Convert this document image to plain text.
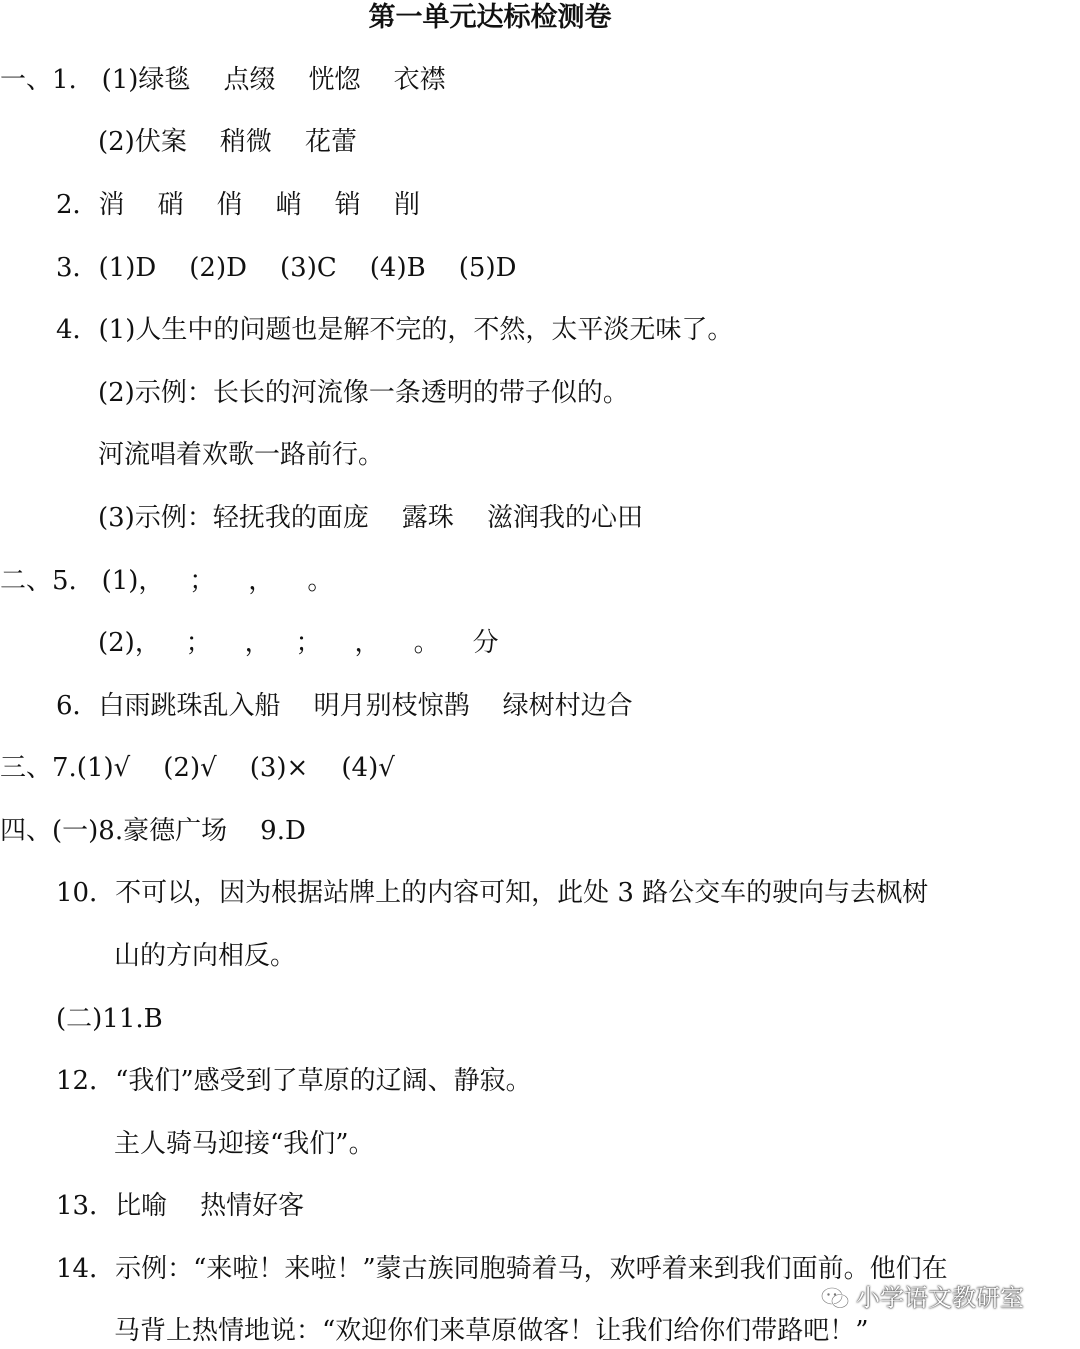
第一单元达标检测卷
一、1.   (1)绿毯    点缀    恍惚    衣襟
(2)伏案    稍微    花蕾
2．消    硝    俏    峭    销    削
3．(1)D    (2)D    (3)C    (4)B    (5)D
4．(1)人生中的问题也是解不完的，不然，太平淡无味了。
(2)示例：长长的河流像一条透明的带子似的。
河流唱着欢歌一路前行。
(3)示例：轻抚我的面庞    露珠    滋润我的心田
二、5.   (1)，   ；    ，    。
(2)，   ；    ，   ；    ，    。    分
6．白雨跳珠乱入船    明月别枝惊鹊    绿树村边合
三、7.(1)√    (2)√    (3)×    (4)√
四、(一)8.豪德广场    9.D
10．不可以，因为根据站牌上的内容可知，此处 3 路公交车的驶向与去枫树
山的方向相反。
(二)11.B
12．“我们”感受到了草原的辽阔、静寂。
主人骑马迎接“我们”。
13．比喻    热情好客
14．示例：“来啦！来啦！”蒙古族同胞骑着马，欢呼着来到我们面前。他们在
马背上热情地说：“欢迎你们来草原做客！让我们给你们带路吧！”
小学语文教研室
